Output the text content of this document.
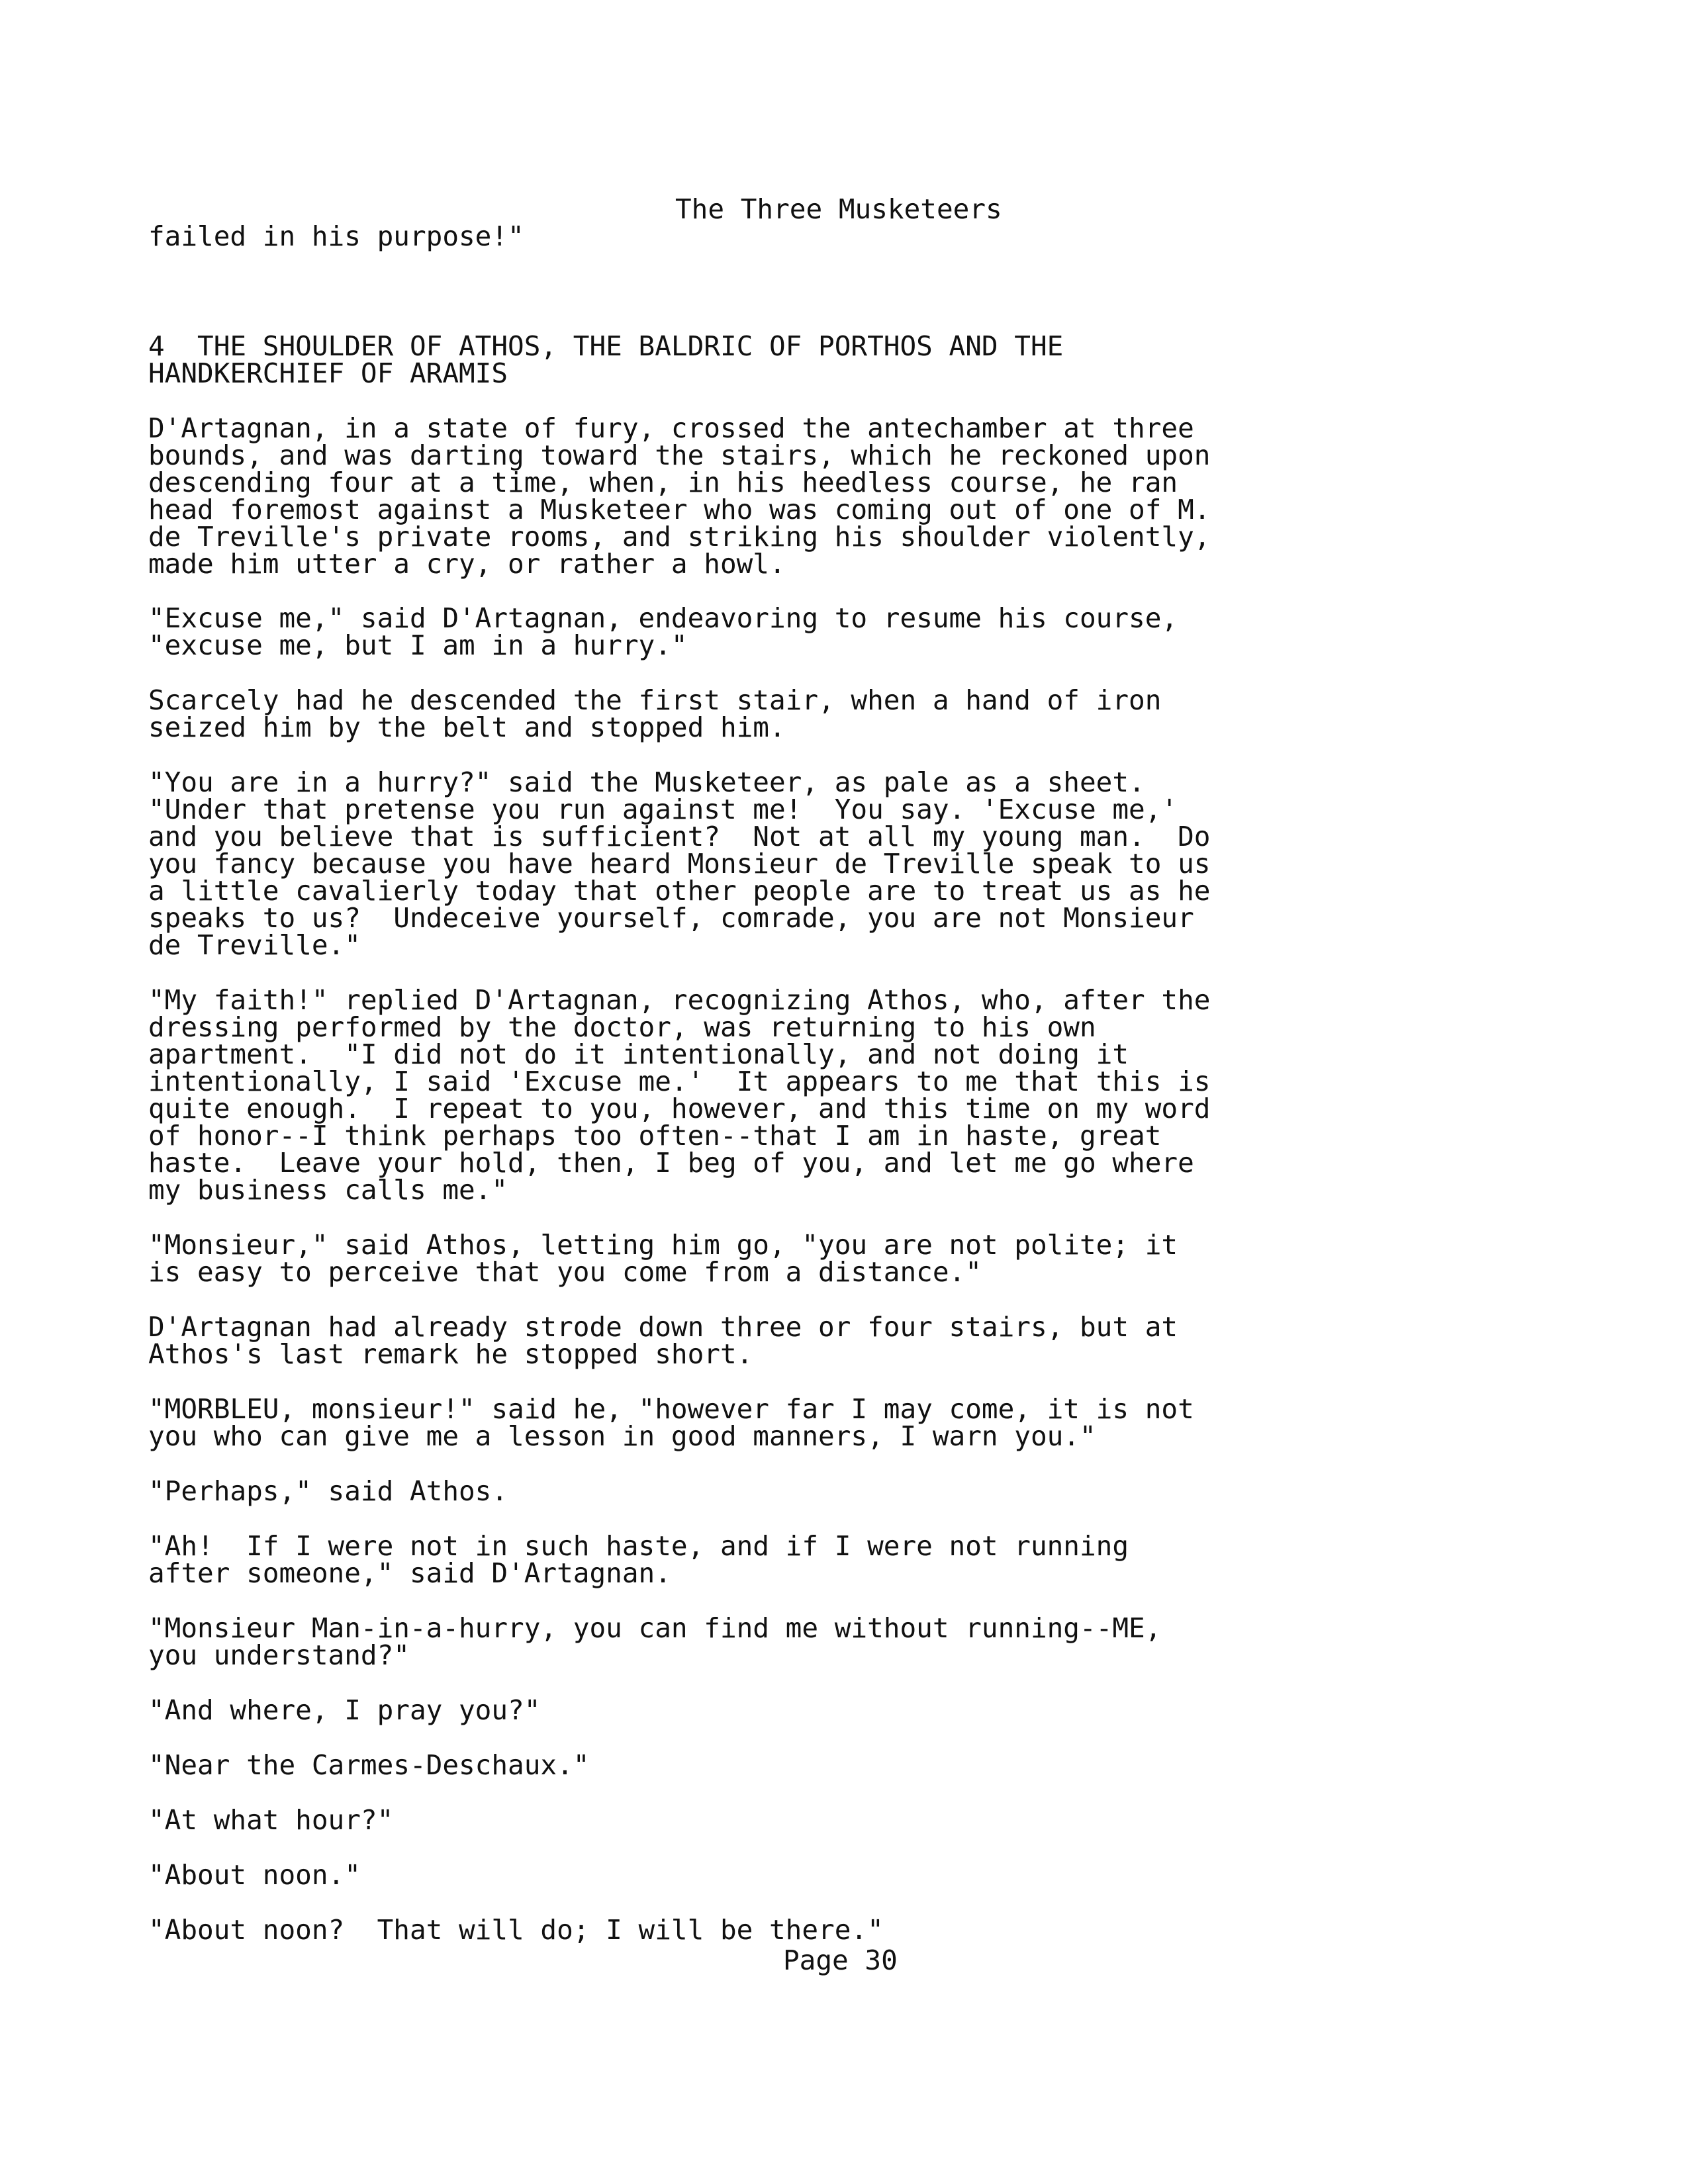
The Three Musketeers
failed in his purpose!"
4  THE SHOULDER OF ATHOS, THE BALDRIC OF PORTHOS AND THE
HANDKERCHIEF OF ARAMIS
D'Artagnan, in a state of fury, crossed the antechamber at three
bounds, and was darting toward the stairs, which he reckoned upon
descending four at a time, when, in his heedless course, he ran
head foremost against a Musketeer who was coming out of one of M.
de Treville's private rooms, and striking his shoulder violently,
made him utter a cry, or rather a howl.
"Excuse me," said D'Artagnan, endeavoring to resume his course,
"excuse me, but I am in a hurry."
Scarcely had he descended the first stair, when a hand of iron
seized him by the belt and stopped him.
"You are in a hurry?" said the Musketeer, as pale as a sheet.
"Under that pretense you run against me!  You say. 'Excuse me,'
and you believe that is sufficient?  Not at all my young man.  Do
you fancy because you have heard Monsieur de Treville speak to us
a little cavalierly today that other people are to treat us as he
speaks to us?  Undeceive yourself, comrade, you are not Monsieur
de Treville."
"My faith!" replied D'Artagnan, recognizing Athos, who, after the
dressing performed by the doctor, was returning to his own
apartment.  "I did not do it intentionally, and not doing it
intentionally, I said 'Excuse me.'  It appears to me that this is
quite enough.  I repeat to you, however, and this time on my word
of honor--I think perhaps too often--that I am in haste, great
haste.  Leave your hold, then, I beg of you, and let me go where
my business calls me."
"Monsieur," said Athos, letting him go, "you are not polite; it
is easy to perceive that you come from a distance."
D'Artagnan had already strode down three or four stairs, but at
Athos's last remark he stopped short.
"MORBLEU, monsieur!" said he, "however far I may come, it is not
you who can give me a lesson in good manners, I warn you."
"Perhaps," said Athos.
"Ah!  If I were not in such haste, and if I were not running
after someone," said D'Artagnan.
"Monsieur Man-in-a-hurry, you can find me without running--ME,
you understand?"
"And where, I pray you?"
"Near the Carmes-Deschaux."
"At what hour?"
"About noon."
"About noon?  That will do; I will be there."
Page 30
